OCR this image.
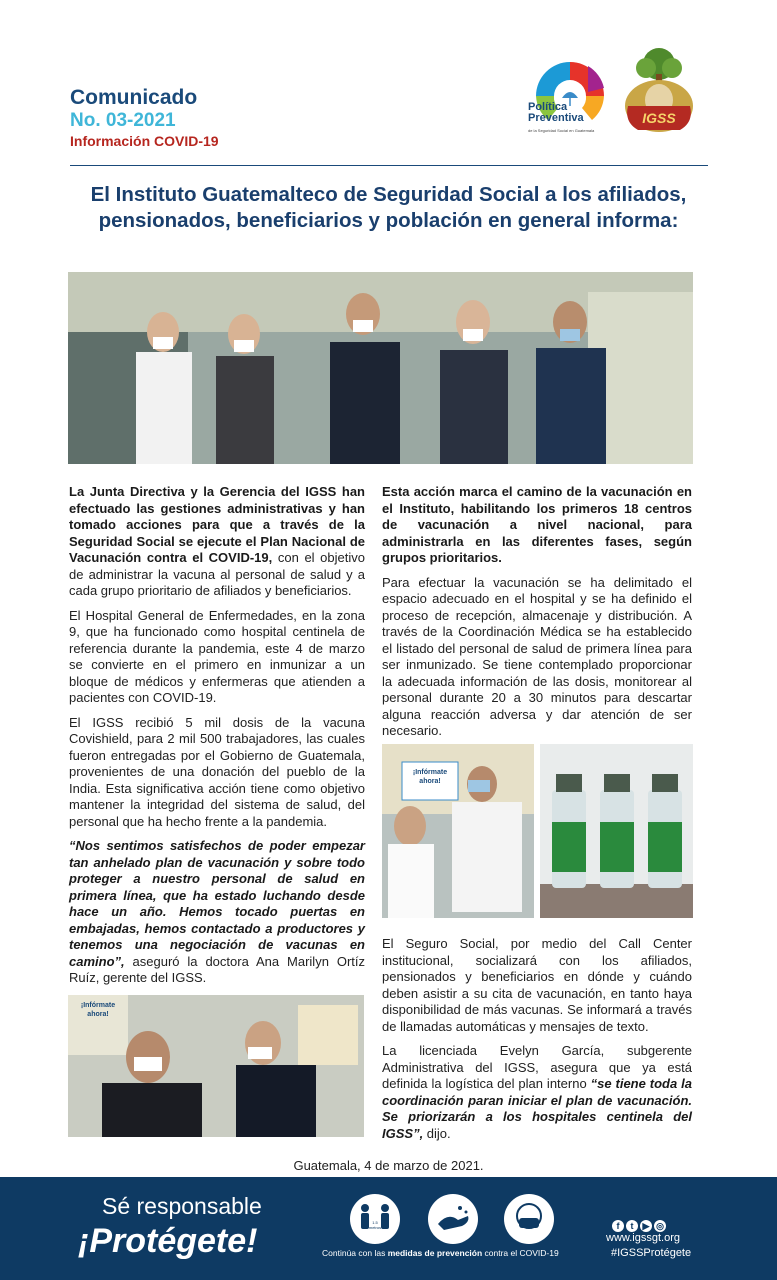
Comunicado
No. 03-2021
Información COVID-19
Política Preventiva
de la Seguridad Social en Guatemala
IGSS
El Instituto Guatemalteco de Seguridad Social a los afiliados, pensionados, beneficiarios y población en general informa:

La Junta Directiva y la Gerencia del IGSS han efectuado las gestiones administrativas y han tomado acciones para que a través de la Seguridad Social se ejecute el Plan Nacional de Vacunación contra el COVID-19, con el objetivo de administrar la vacuna al personal de salud y a cada grupo prioritario de afiliados y beneficiarios.

El Hospital General de Enfermedades, en la zona 9, que ha funcionado como hospital centinela de referencia durante la pandemia, este 4 de marzo se convierte en el primero en inmunizar a un bloque de médicos y enfermeras que atienden a pacientes con COVID-19.

El IGSS recibió 5 mil dosis de la vacuna Covishield, para 2 mil 500 trabajadores, las cuales fueron entregadas por el Gobierno de Guatemala, provenientes de una donación del pueblo de la India. Esta significativa acción tiene como objetivo mantener la integridad del sistema de salud, del personal que ha hecho frente a la pandemia.

“Nos sentimos satisfechos de poder empezar tan anhelado plan de vacunación y sobre todo proteger a nuestro personal de salud en primera línea, que ha estado luchando desde hace un año. Hemos tocado puertas en embajadas, hemos contactado a productores y tenemos una negociación de vacunas en camino”, aseguró la doctora Ana Marilyn Ortíz Ruíz, gerente del IGSS.

Esta acción marca el camino de la vacunación en el Instituto, habilitando los primeros 18 centros de vacunación a nivel nacional, para administrarla en las diferentes fases, según grupos prioritarios.

Para efectuar la vacunación se ha delimitado el espacio adecuado en el hospital y se ha definido el proceso de recepción, almacenaje y distribución. A través de la Coordinación Médica se ha establecido el listado del personal de salud de primera línea para ser inmunizado. Se tiene contemplado proporcionar la adecuada información de las dosis, monitorear al personal durante 20 a 30 minutos para descartar alguna reacción adversa y dar atención de ser necesario.

¡Infórmate ahora!

El Seguro Social, por medio del Call Center institucional, socializará con los afiliados, pensionados y beneficiarios en dónde y cuándo deben asistir a su cita de vacunación, en tanto haya disponibilidad de más vacunas. Se informará a través de llamadas automáticas y mensajes de texto.

La licenciada Evelyn García, subgerente Administrativa del IGSS, asegura que ya está definida la logística del plan interno “se tiene toda la coordinación paran iniciar el plan de vacunación. Se priorizarán a los hospitales centinela del IGSS”, dijo.

¡Infórmate ahora!
Guatemala, 4 de marzo de 2021.
Sé responsable
¡Protégete!	1.5 metros
Continúa con las medidas de prevención contra el COVID-19
f t ▶ ◎
www.igssgt.org
#IGSSProtégete
